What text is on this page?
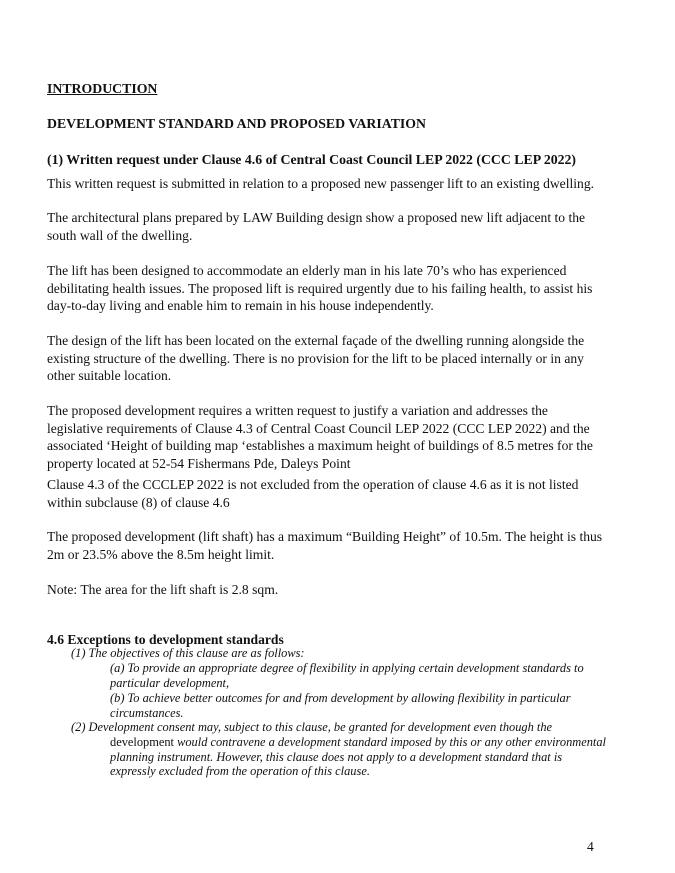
INTRODUCTION

DEVELOPMENT STANDARD AND PROPOSED VARIATION

(1) Written request under Clause 4.6 of Central Coast Council LEP 2022 (CCC LEP 2022)

This written request is submitted in relation to a proposed new passenger lift to an existing dwelling.

The architectural plans prepared by LAW Building design show a proposed new lift adjacent to the south wall of the dwelling.

The lift has been designed to accommodate an elderly man in his late 70’s who has experienced debilitating health issues. The proposed lift is required urgently due to his failing health, to assist his day-to-day living and enable him to remain in his house independently.

The design of the lift has been located on the external façade of the dwelling running alongside the existing structure of the dwelling. There is no provision for the lift to be placed internally or in any other suitable location.

The proposed development requires a written request to justify a variation and addresses the legislative requirements of Clause 4.3 of Central Coast Council LEP 2022 (CCC LEP 2022) and the associated ‘Height of building map ‘establishes a maximum height of buildings of 8.5 metres for the property located at 52-54 Fishermans Pde, Daleys Point

Clause 4.3 of the CCCLEP 2022 is not excluded from the operation of clause 4.6 as it is not listed within subclause (8) of clause 4.6

The proposed development (lift shaft) has a maximum “Building Height” of 10.5m. The height is thus 2m or 23.5% above the 8.5m height limit.

Note: The area for the lift shaft is 2.8 sqm.

4.6 Exceptions to development standards

(1) The objectives of this clause are as follows:

(a) To provide an appropriate degree of flexibility in applying certain development standards to particular development,

(b) To achieve better outcomes for and from development by allowing flexibility in particular circumstances.

(2) Development consent may, subject to this clause, be granted for development even though the

development would contravene a development standard imposed by this or any other environmental planning instrument. However, this clause does not apply to a development standard that is expressly excluded from the operation of this clause.

4
